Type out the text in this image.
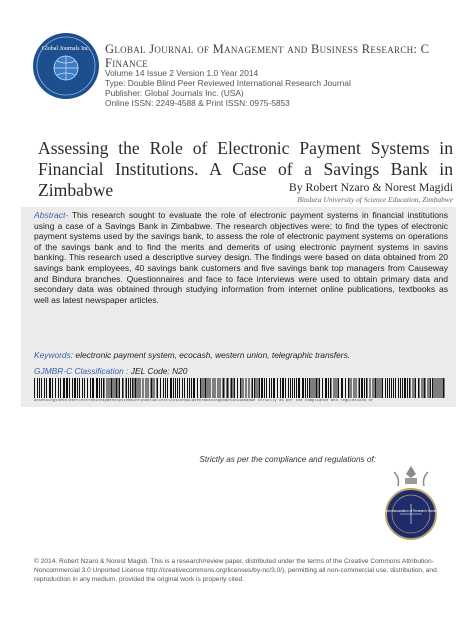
Global Journals Inc. Global Journal of Management and Business Research: C
Finance
Volume 14 Issue 2 Version 1.0 Year 2014
Type: Double Blind Peer Reviewed International Research Journal
Publisher: Global Journals Inc. (USA)
Online ISSN: 2249-4588 & Print ISSN: 0975-5853
Assessing the Role of Electronic Payment Systems in Financial Institutions. A Case of a Savings Bank in Zimbabwe	By Robert Nzaro & Norest Magidi
Bindura University of Science Education, Zimbabwe
Abstract- This research sought to evaluate the role of electronic payment systems in financial institutions using a case of a Savings Bank in Zimbabwe. The research objectives were; to find the types of electronic payment systems used by the savings bank, to assess the role of electronic payment systems on operations of the savings bank and to find the merits and demerits of using electronic payment systems in savins banking. This research used a descriptive survey design. The findings were based on data obtained from 20 savings bank employees, 40 savings bank customers and five savings bank top managers from Causeway and Bindura branches. Questionnaires and face to face interviews were used to obtain primary data and secondary data was obtained through studying information from internet online publications, textbooks as well as latest newspaper articles.
Keywords: electronic payment system, ecocash, western union, telegraphic transfers.
GJMBR-C Classification : JEL Code: N20
AssessingtheRoleofElectronicPaymentSystemsinFinancialInstitutionsACaseofaSavingsBankinZimbabwe Strictly as per the compliance and regulations of
Strictly as per the compliance and regulations of:
Open Association of Research Society
© 2014. Robert Nzaro & Norest Magidi. This is a research/review paper, distributed under the terms of the Creative Commons Attribution-Noncommercial 3.0 Unported License http://creativecommons.org/licenses/by-nc/3.0/), permitting all non-commercial use, distribution, and reproduction in any medium, provided the original work is properly cited.
